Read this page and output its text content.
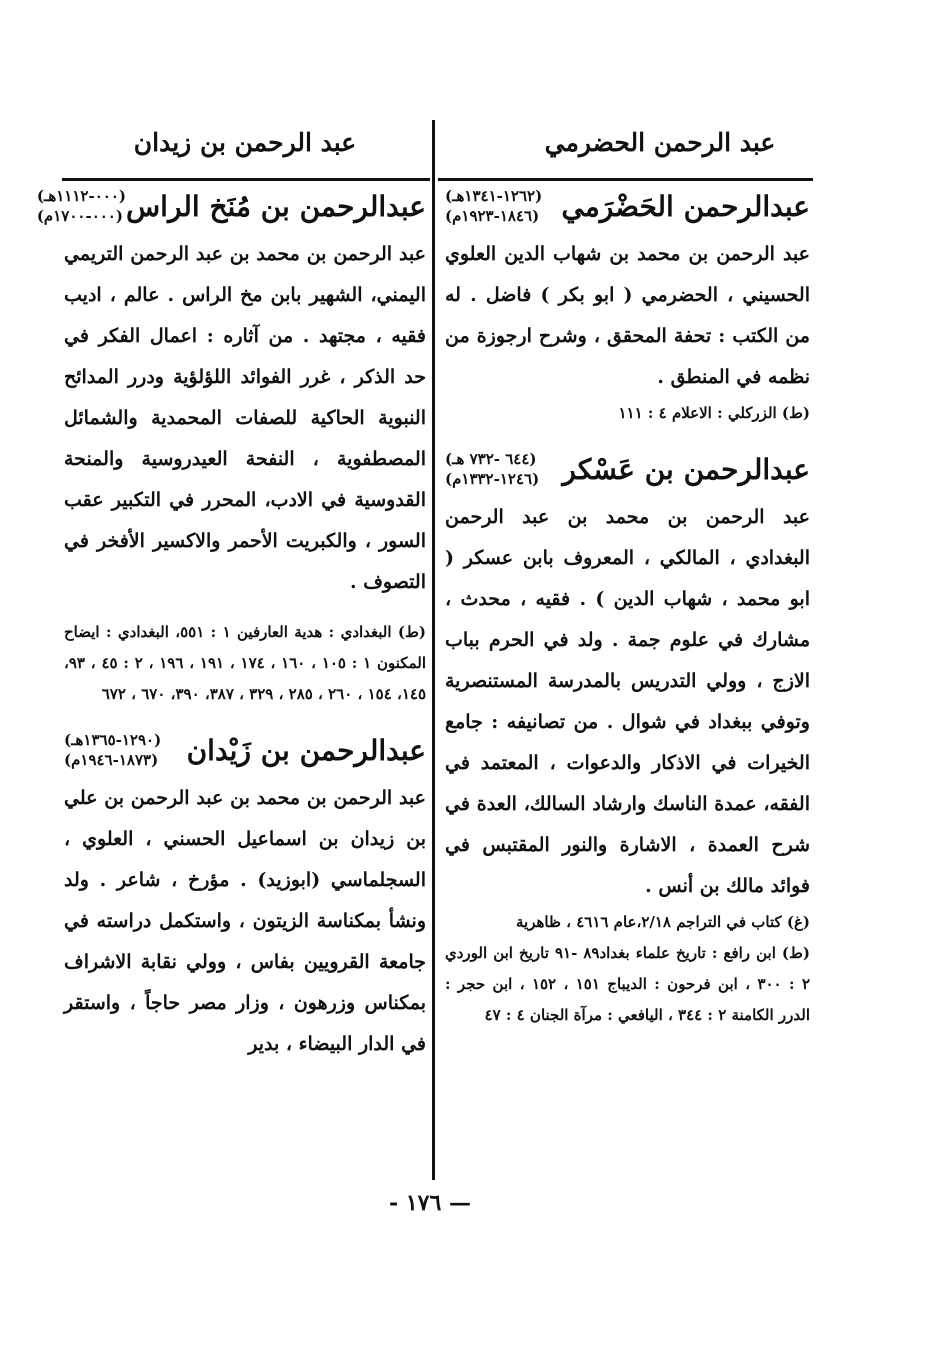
عبد الرحمن الحضرمي
عبد الرحمن بن زيدان
عبدالرحمن الحَضْرَمي
(١٢٦٢-١٣٤١هـ)
(١٨٤٦-١٩٢٣م)
عبد الرحمن بن محمد بن شهاب الدين العلوي الحسيني ، الحضرمي ( ابو بكر ) فاضل . له من الكتب : تحفة المحقق ، وشرح ارجوزة من نظمه في المنطق .
(ط) الزركلي : الاعلام ٤ : ١١١
عبدالرحمن بن عَسْكر
(٦٤٤ -٧٣٢ هـ)
(١٢٤٦-١٣٣٢م)
عبد الرحمن بن محمد بن عبد الرحمن البغدادي ، المالكي ، المعروف بابن عسكر ( ابو محمد ، شهاب الدين ) . فقيه ، محدث ، مشارك في علوم جمة . ولد في الحرم بباب الازج ، وولي التدريس بالمدرسة المستنصرية وتوفي ببغداد في شوال . من تصانيفه : جامع الخيرات في الاذكار والدعوات ، المعتمد في الفقه، عمدة الناسك وارشاد السالك، العدة في شرح العمدة ، الاشارة والنور المقتبس في فوائد مالك بن أنس .
(غ) كتاب في التراجم ٢/١٨،عام ٤٦١٦ ، ظاهرية
(ط) ابن رافع : تاريخ علماء بغداد٨٩ -٩١ تاريخ ابن الوردي ٢ : ٣٠٠ ، ابن فرحون : الديباج ١٥١ ، ١٥٢ ، ابن حجر : الدرر الكامنة ٢ : ٣٤٤ ، اليافعي : مرآة الجنان ٤ : ٤٧
عبدالرحمن بن مُنَخ الراس
(٠٠٠-١١١٢هـ)
(٠٠٠-١٧٠٠م)
عبد الرحمن بن محمد بن عبد الرحمن التريمي اليمني، الشهير بابن مخ الراس . عالم ، اديب فقيه ، مجتهد . من آثاره : اعمال الفكر في حد الذكر ، غرر الفوائد اللؤلؤية ودرر المدائح النبوية الحاكية للصفات المحمدية والشمائل المصطفوية ، النفحة العيدروسية والمنحة القدوسية في الادب، المحرر في التكبير عقب السور ، والكبريت الأحمر والاكسير الأفخر في التصوف .
(ط) البغدادي : هدية العارفين ١ : ٥٥١، البغدادي : ايضاح المكنون ١ : ١٠٥ ، ١٦٠ ، ١٧٤ ، ١٩١ ، ١٩٦ ، ٢ : ٤٥ ، ٩٣، ١٤٥، ١٥٤ ، ٢٦٠ ، ٢٨٥ ، ٣٢٩ ، ٣٨٧، ٣٩٠، ٦٧٠ ، ٦٧٢
عبدالرحمن بن زَيْدان
(١٢٩٠-١٣٦٥هـ)
(١٨٧٣-١٩٤٦م)
عبد الرحمن بن محمد بن عبد الرحمن بن علي بن زيدان بن اسماعيل الحسني ، العلوي ، السجلماسي (ابوزيد) . مؤرخ ، شاعر . ولد ونشأ بمكناسة الزيتون ، واستكمل دراسته في جامعة القرويين بفاس ، وولي نقابة الاشراف بمكناس وزرهون ، وزار مصر حاجاً ، واستقر في الدار البيضاء ، بدير
— ١٧٦ -
